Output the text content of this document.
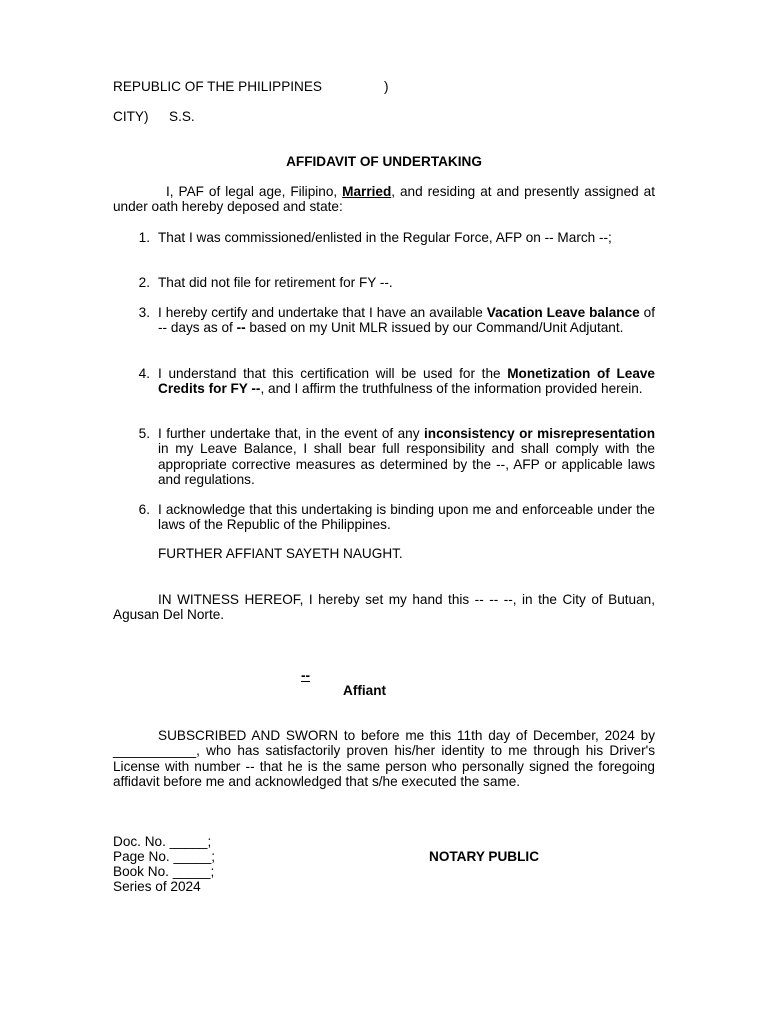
REPUBLIC OF THE PHILIPPINES	)
CITY) S.S.
AFFIDAVIT OF UNDERTAKING
I, PAF of legal age, Filipino, Married, and residing at and presently assigned at under oath hereby deposed and state:
1. That I was commissioned/enlisted in the Regular Force, AFP on -- March --;
2. That did not file for retirement for FY --.
3. I hereby certify and undertake that I have an available Vacation Leave balance of -- days as of -- based on my Unit MLR issued by our Command/Unit Adjutant.
4. I understand that this certification will be used for the Monetization of Leave Credits for FY --, and I affirm the truthfulness of the information provided herein.
5. I further undertake that, in the event of any inconsistency or misrepresentation in my Leave Balance, I shall bear full responsibility and shall comply with the appropriate corrective measures as determined by the --, AFP or applicable laws and regulations.
6. I acknowledge that this undertaking is binding upon me and enforceable under the laws of the Republic of the Philippines.
FURTHER AFFIANT SAYETH NAUGHT.
IN WITNESS HEREOF, I hereby set my hand this -- -- --, in the City of Butuan, Agusan Del Norte.
--
Affiant
SUBSCRIBED AND SWORN to before me this 11th day of December, 2024 by ___________, who has satisfactorily proven his/her identity to me through his Driver's License with number -- that he is the same person who personally signed the foregoing affidavit before me and acknowledged that s/he executed the same.
Doc. No. _____;
Page No. _____;
Book No. _____;
Series of 2024
NOTARY PUBLIC
